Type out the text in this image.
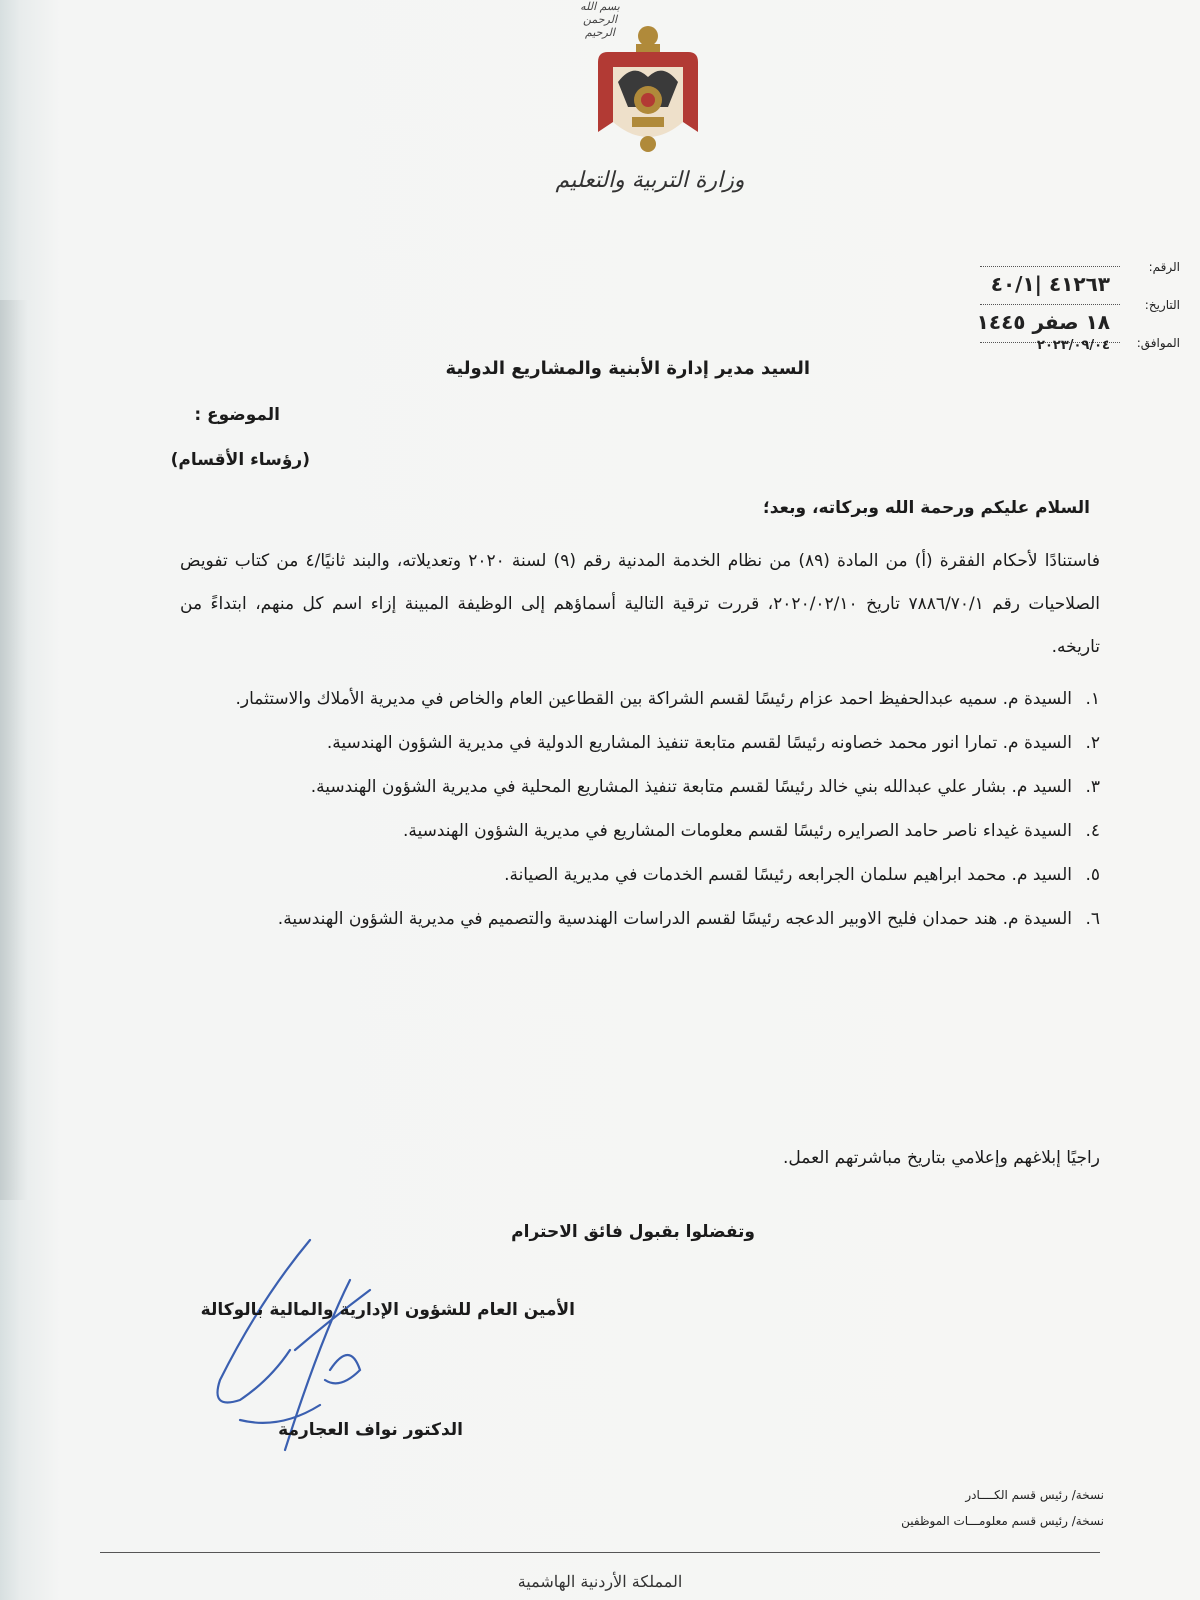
بسم الله الرحمن الرحيم
وزارة التربية والتعليم
الرقم:
٤١٢٦٣ |٤٠/١
التاريخ:
١٨ صفر ١٤٤٥
الموافق:
٢٠٢٣/٠٩/٠٤
السيد مدير إدارة الأبنية والمشاريع الدولية
الموضوع :
(رؤساء الأقسام)
السلام عليكم ورحمة الله وبركاته، وبعد؛
فاستنادًا لأحكام الفقرة (أ) من المادة (٨٩) من نظام الخدمة المدنية رقم (٩) لسنة ٢٠٢٠ وتعديلاته، والبند ثانيًا/٤ من كتاب تفويض الصلاحيات رقم ٧٨٨٦/٧٠/١ تاريخ ٢٠٢٠/٠٢/١٠، قررت ترقية التالية أسماؤهم إلى الوظيفة المبينة إزاء اسم كل منهم، ابتداءً من تاريخه.
١.
السيدة م. سميه عبدالحفيظ احمد عزام رئيسًا لقسم الشراكة بين القطاعين العام والخاص في مديرية الأملاك والاستثمار.
٢.
السيدة م. تمارا انور محمد خصاونه رئيسًا لقسم متابعة تنفيذ المشاريع الدولية في مديرية الشؤون الهندسية.
٣.
السيد م. بشار علي عبدالله بني خالد رئيسًا لقسم متابعة تنفيذ المشاريع المحلية في مديرية الشؤون الهندسية.
٤.
السيدة غيداء ناصر حامد الصرايره رئيسًا لقسم معلومات المشاريع في مديرية الشؤون الهندسية.
٥.
السيد م. محمد ابراهيم سلمان الجرابعه رئيسًا لقسم الخدمات في مديرية الصيانة.
٦.
السيدة م. هند حمدان فليح الاوبير الدعجه رئيسًا لقسم الدراسات الهندسية والتصميم في مديرية الشؤون الهندسية.
راجيًا إبلاغهم وإعلامي بتاريخ مباشرتهم العمل.
وتفضلوا بقبول فائق الاحترام
الأمين العام للشؤون الإدارية والمالية بالوكالة
الدكتور نواف العجارمة
نسخة/ رئيس قسم الكــــادر
نسخة/ رئيس قسم معلومـــات الموظفين
المملكة الأردنية الهاشمية
